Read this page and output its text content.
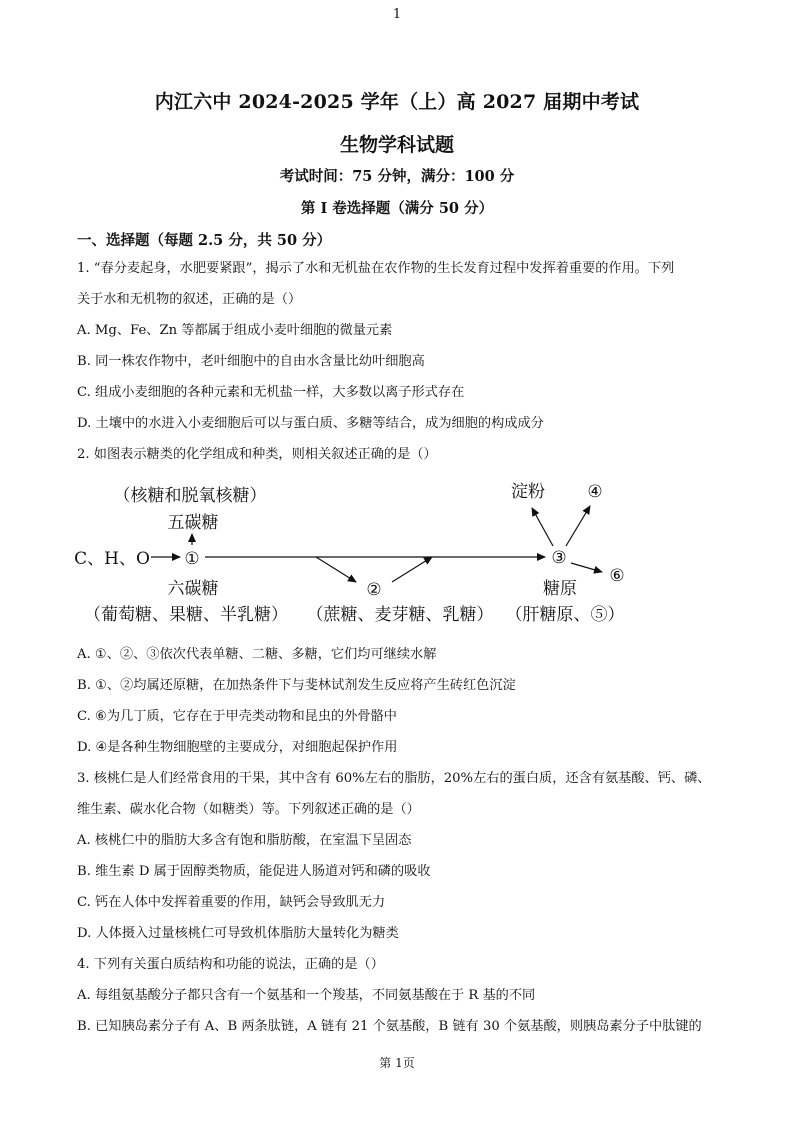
1
内江六中 2024-2025 学年（上）高 2027 届期中考试
生物学科试题
考试时间：75 分钟，满分：100 分
第 I 卷选择题（满分 50 分）
一、选择题（每题 2.5 分，共 50 分）
1. “春分麦起身，水肥要紧跟”，揭示了水和无机盐在农作物的生长发育过程中发挥着重要的作用。下列
关于水和无机物的叙述，正确的是（）
A. Mg、Fe、Zn 等都属于组成小麦叶细胞的微量元素
B. 同一株农作物中，老叶细胞中的自由水含量比幼叶细胞高
C. 组成小麦细胞的各种元素和无机盐一样，大多数以离子形式存在
D. 土壤中的水进入小麦细胞后可以与蛋白质、多糖等结合，成为细胞的构成成分
2. 如图表示糖类的化学组成和种类，则相关叙述正确的是（）
（核糖和脱氧核糖）
五碳糖
C、H、O ①
六碳糖
（葡萄糖、果糖、半乳糖）
②
（蔗糖、麦芽糖、乳糖）
淀粉 ④
③
⑥
糖原
（肝糖原、⑤）
A. ①、②、③依次代表单糖、二糖、多糖，它们均可继续水解
B. ①、②均属还原糖，在加热条件下与斐林试剂发生反应将产生砖红色沉淀
C. ⑥为几丁质，它存在于甲壳类动物和昆虫的外骨骼中
D. ④是各种生物细胞壁的主要成分，对细胞起保护作用
3. 核桃仁是人们经常食用的干果，其中含有 60%左右的脂肪，20%左右的蛋白质，还含有氨基酸、钙、磷、
维生素、碳水化合物（如糖类）等。下列叙述正确的是（）
A. 核桃仁中的脂肪大多含有饱和脂肪酸，在室温下呈固态
B. 维生素 D 属于固醇类物质，能促进人肠道对钙和磷的吸收
C. 钙在人体中发挥着重要的作用，缺钙会导致肌无力
D. 人体摄入过量核桃仁可导致机体脂肪大量转化为糖类
4. 下列有关蛋白质结构和功能的说法，正确的是（）
A. 每组氨基酸分子都只含有一个氨基和一个羧基，不同氨基酸在于 R 基的不同
B. 已知胰岛素分子有 A、B 两条肽链，A 链有 21 个氨基酸，B 链有 30 个氨基酸，则胰岛素分子中肽键的
第 1页
